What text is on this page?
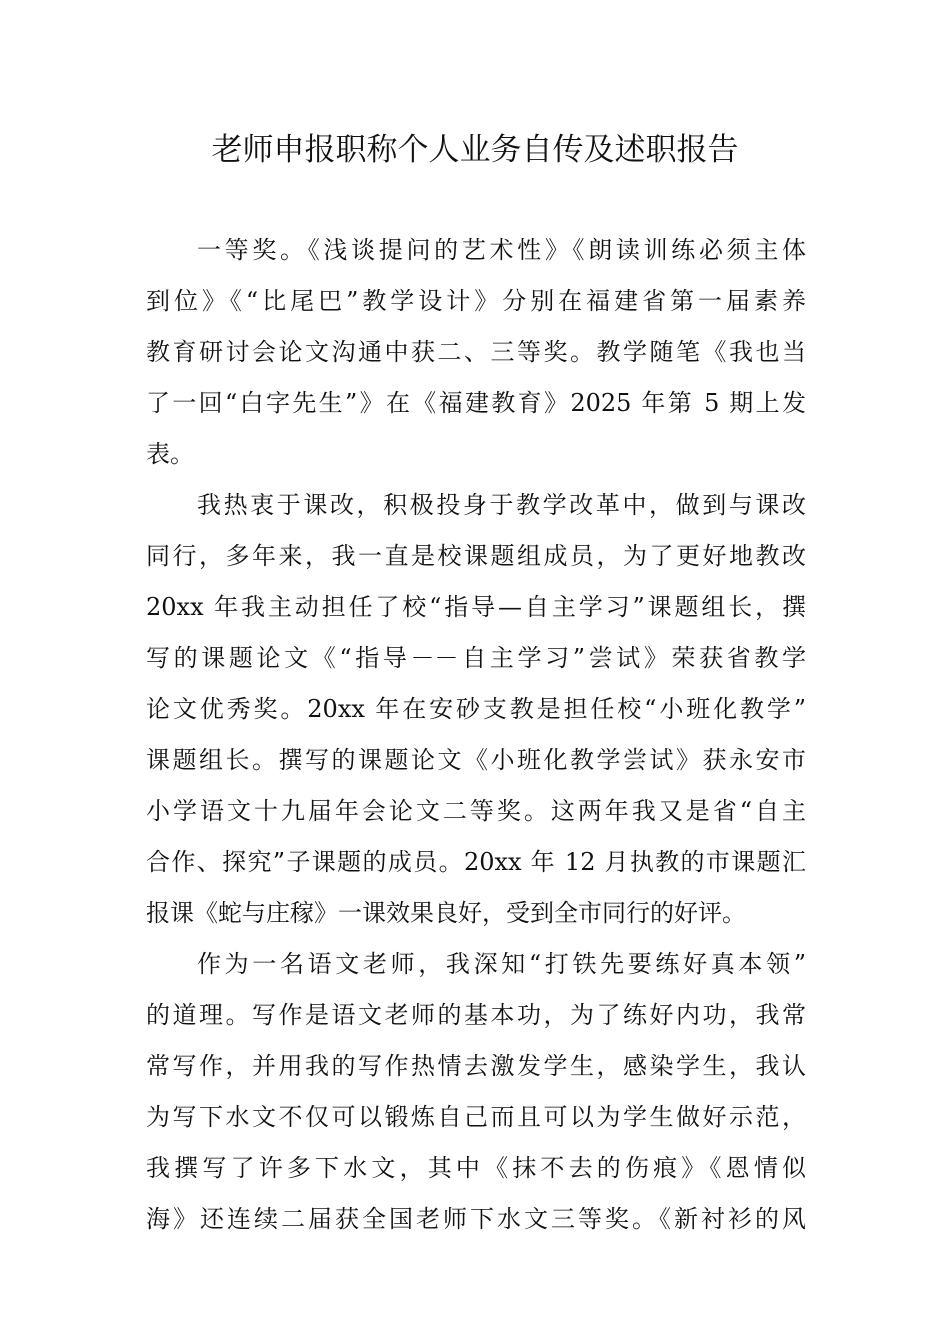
老师申报职称个人业务自传及述职报告
一等奖。《浅谈提问的艺术性》《朗读训练必须主体
到位》《“比尾巴”教学设计》分别在福建省第一届素养
教育研讨会论文沟通中获二、三等奖。教学随笔《我也当
了一回“白字先生”》在《福建教育》2025 年第 5 期上发
表。
我热衷于课改，积极投身于教学改革中，做到与课改
同行，多年来，我一直是校课题组成员，为了更好地教改
20xx 年我主动担任了校“指导—自主学习”课题组长，撰
写的课题论文《“指导－－自主学习”尝试》荣获省教学
论文优秀奖。20xx 年在安砂支教是担任校“小班化教学”
课题组长。撰写的课题论文《小班化教学尝试》获永安市
小学语文十九届年会论文二等奖。这两年我又是省“自主
合作、探究”子课题的成员。20xx 年 12 月执教的市课题汇
报课《蛇与庄稼》一课效果良好，受到全市同行的好评。
作为一名语文老师，我深知“打铁先要练好真本领”
的道理。写作是语文老师的基本功，为了练好内功，我常
常写作，并用我的写作热情去激发学生，感染学生，我认
为写下水文不仅可以锻炼自己而且可以为学生做好示范，
我撰写了许多下水文，其中《抹不去的伤痕》《恩情似
海》还连续二届获全国老师下水文三等奖。《新衬衫的风
